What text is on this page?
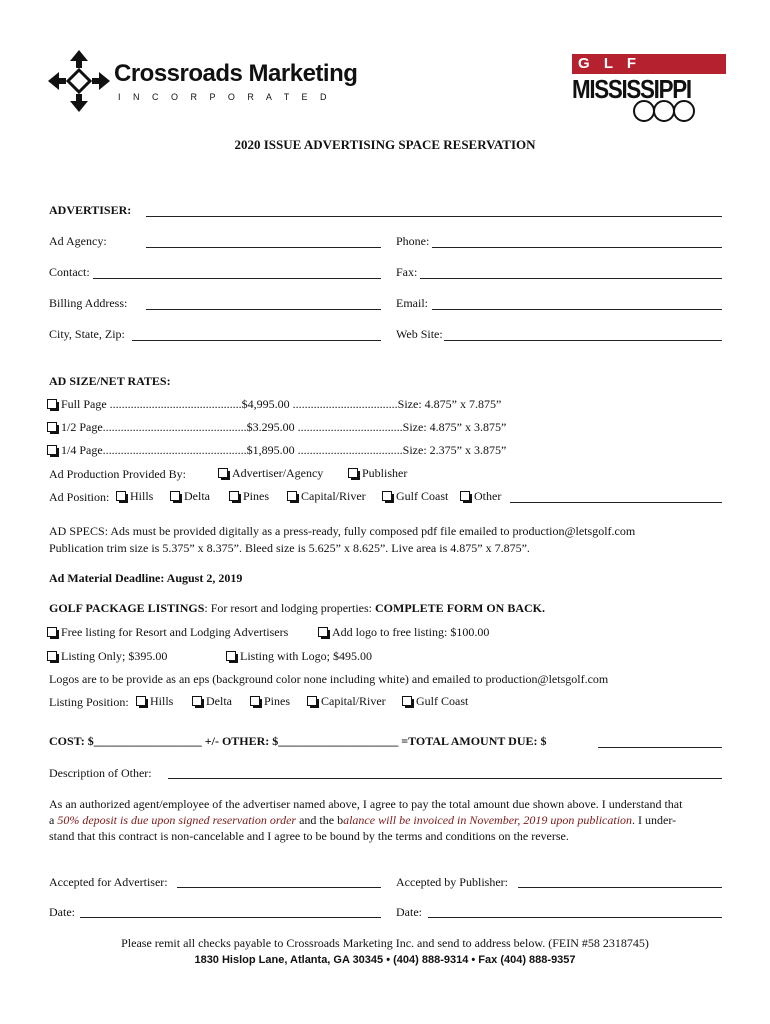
Crossroads Marketing
I N C O R P O R A T E D
G L F
MISSISSIPPI
2020 ISSUE ADVERTISING SPACE RESERVATION
ADVERTISER:
Ad Agency:	Phone:
Contact:	Fax:
Billing Address:	Email:
City, State, Zip:	Web Site:
AD SIZE/NET RATES:
Full Page ............................................$4,995.00 ...................................Size: 4.875” x 7.875”
1/2 Page................................................$3.295.00 ...................................Size: 4.875” x 3.875”
1/4 Page................................................$1,895.00 ...................................Size: 2.375” x 3.875”
Ad Production Provided By:	Advertiser/Agency	Publisher
Ad Position:	Hills	Delta	Pines	Capital/River	Gulf Coast	Other
AD SPECS: Ads must be provided digitally as a press-ready, fully composed pdf file emailed to production@letsgolf.com
Publication trim size is 5.375” x 8.375”. Bleed size is 5.625” x 8.625”. Live area is 4.875” x 7.875”.
Ad Material Deadline: August 2, 2019
GOLF PACKAGE LISTINGS: For resort and lodging properties: COMPLETE FORM ON BACK.
Free listing for Resort and Lodging Advertisers	Add logo to free listing: $100.00
Listing Only; $395.00	Listing with Logo; $495.00
Logos are to be provide as an eps (background color none including white) and emailed to production@letsgolf.com
Listing Position:	Hills	Delta	Pines	Capital/River	Gulf Coast
COST: $__________________ +/- OTHER: $____________________ =TOTAL AMOUNT DUE: $
Description of Other:
As an authorized agent/employee of the advertiser named above, I agree to pay the total amount due shown above. I understand that
a 50% deposit is due upon signed reservation order and the balance will be invoiced in November, 2019 upon publication. I under-
stand that this contract is non-cancelable and I agree to be bound by the terms and conditions on the reverse.
Accepted for Advertiser:	Accepted by Publisher:
Date:	Date:
Please remit all checks payable to Crossroads Marketing Inc. and send to address below. (FEIN #58 2318745)
1830 Hislop Lane, Atlanta, GA 30345 • (404) 888-9314 • Fax (404) 888-9357
